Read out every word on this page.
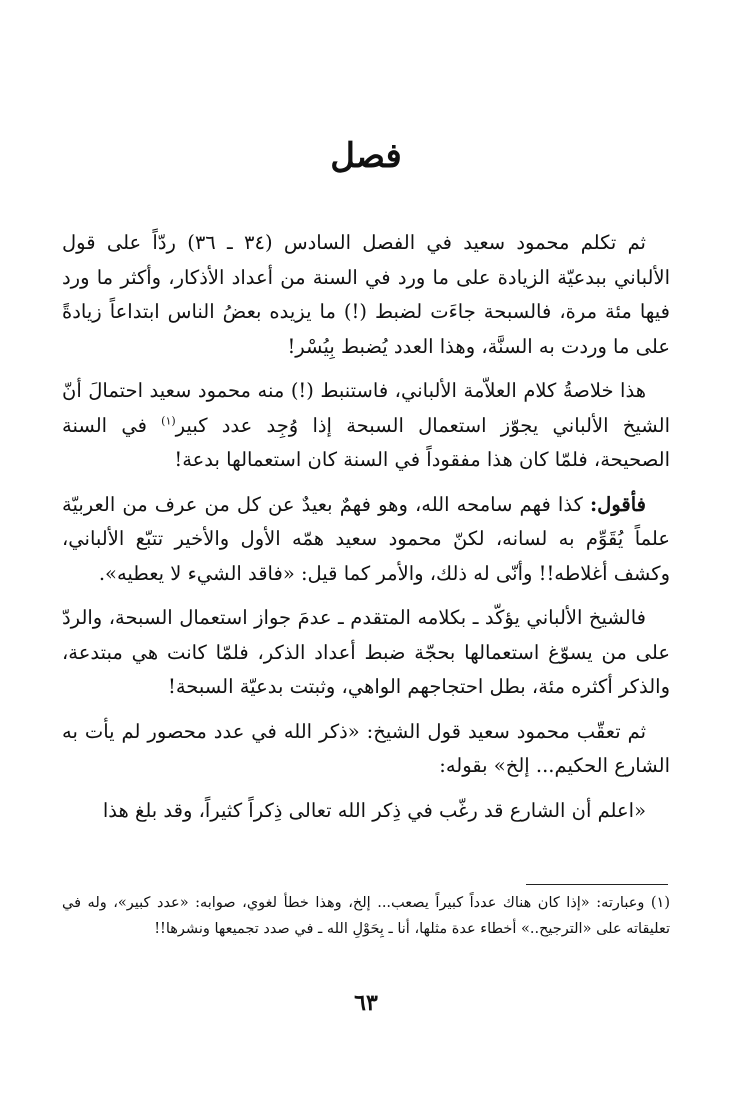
فصل

ثم تكلم محمود سعيد في الفصل السادس (٣٤ ـ ٣٦) ردّاً على قول الألباني ببدعيّة الزيادة على ما ورد في السنة من أعداد الأذكار، وأكثر ما ورد فيها مئة مرة، فالسبحة جاءَت لضبط (!) ما يزيده بعضُ الناس ابتداعاً زيادةً على ما وردت به السنَّة، وهذا العدد يُضبط بِيُسْر!

هذا خلاصةُ كلام العلاّمة الألباني، فاستنبط (!) منه محمود سعيد احتمالَ أنّ الشيخ الألباني يجوّز استعمال السبحة إذا وُجِد عدد كبير$^{(١)}$ في السنة الصحيحة، فلمّا كان هذا مفقوداً في السنة كان استعمالها بدعة!

فأقول: كذا فهم سامحه الله، وهو فهمٌ بعيدٌ عن كل من عرف من العربيّة علماً يُقَوِّم به لسانه، لكنّ محمود سعيد همّه الأول والأخير تتبّع الألباني، وكشف أغلاطه!! وأنّى له ذلك، والأمر كما قيل: «فاقد الشيء لا يعطيه».

فالشيخ الألباني يؤكّد ـ بكلامه المتقدم ـ عدمَ جواز استعمال السبحة، والردّ على من يسوّغ استعمالها بحجّة ضبط أعداد الذكر، فلمّا كانت هي مبتدعة، والذكر أكثره مئة، بطل احتجاجهم الواهي، وثبتت بدعيّة السبحة!

ثم تعقّب محمود سعيد قول الشيخ: «ذكر الله في عدد محصور لم يأت به الشارع الحكيم... إلخ» بقوله:

«اعلم أن الشارع قد رغّب في ذِكر الله تعالى ذِكراً كثيراً، وقد بلغ هذا

(١) وعبارته: «إذا كان هناك عدداً كبيراً يصعب... إلخ، وهذا خطأ لغوي، صوابه: «عدد كبير»، وله في تعليقاته على «الترجيح..» أخطاء عدة مثلها، أنا ـ بِحَوْلِ الله ـ في صدد تجميعها ونشرها!!

٦٣
